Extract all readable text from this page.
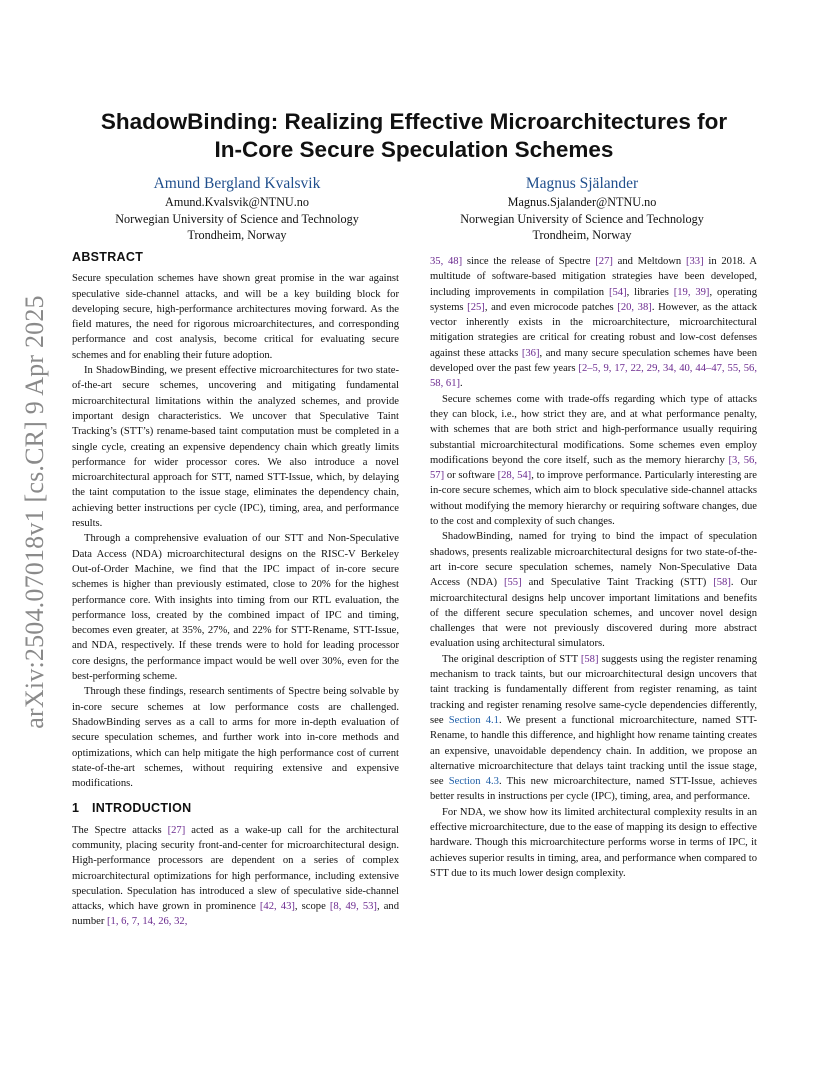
arXiv:2504.07018v1 [cs.CR] 9 Apr 2025
ShadowBinding: Realizing Effective Microarchitectures for
In-Core Secure Speculation Schemes
Amund Bergland Kvalsvik
Amund.Kvalsvik@NTNU.no
Norwegian University of Science and Technology
Trondheim, Norway
Magnus Själander
Magnus.Sjalander@NTNU.no
Norwegian University of Science and Technology
Trondheim, Norway
ABSTRACT

Secure speculation schemes have shown great promise in the war against speculative side-channel attacks, and will be a key building block for developing secure, high-performance architectures moving forward. As the field matures, the need for rigorous microarchitectures, and corresponding performance and cost analysis, become critical for evaluating secure schemes and for enabling their future adoption.

In ShadowBinding, we present effective microarchitectures for two state-of-the-art secure schemes, uncovering and mitigating fundamental microarchitectural limitations within the analyzed schemes, and provide important design characteristics. We uncover that Speculative Taint Tracking’s (STT’s) rename-based taint computation must be completed in a single cycle, creating an expensive dependency chain which greatly limits performance for wider processor cores. We also introduce a novel microarchitectural approach for STT, named STT-Issue, which, by delaying the taint computation to the issue stage, eliminates the dependency chain, achieving better instructions per cycle (IPC), timing, area, and performance results.

Through a comprehensive evaluation of our STT and Non-Speculative Data Access (NDA) microarchitectural designs on the RISC-V Berkeley Out-of-Order Machine, we find that the IPC impact of in-core secure schemes is higher than previously estimated, close to 20% for the highest performance core. With insights into timing from our RTL evaluation, the performance loss, created by the combined impact of IPC and timing, becomes even greater, at 35%, 27%, and 22% for STT-Rename, STT-Issue, and NDA, respectively. If these trends were to hold for leading processor core designs, the performance impact would be well over 30%, even for the best-performing scheme.

Through these findings, research sentiments of Spectre being solvable by in-core secure schemes at low performance costs are challenged. ShadowBinding serves as a call to arms for more in-depth evaluation of secure speculation schemes, and further work into in-core methods and optimizations, which can help mitigate the high performance cost of current state-of-the-art schemes, without requiring extensive and expensive modifications.

1 INTRODUCTION

The Spectre attacks [27] acted as a wake-up call for the architectural community, placing security front-and-center for microarchitectural design. High-performance processors are dependent on a series of complex microarchitectural optimizations for high performance, including extensive speculation. Speculation has introduced a slew of speculative side-channel attacks, which have grown in prominence [42, 43], scope [8, 49, 53], and number [1, 6, 7, 14, 26, 32,

35, 48] since the release of Spectre [27] and Meltdown [33] in 2018. A multitude of software-based mitigation strategies have been developed, including improvements in compilation [54], libraries [19, 39], operating systems [25], and even microcode patches [20, 38]. However, as the attack vector inherently exists in the microarchitecture, microarchitectural mitigation strategies are critical for creating robust and low-cost defenses against these attacks [36], and many secure speculation schemes have been developed over the past few years [2–5, 9, 17, 22, 29, 34, 40, 44–47, 55, 56, 58, 61].

Secure schemes come with trade-offs regarding which type of attacks they can block, i.e., how strict they are, and at what performance penalty, with schemes that are both strict and high-performance usually requiring substantial microarchitectural modifications. Some schemes even employ modifications beyond the core itself, such as the memory hierarchy [3, 56, 57] or software [28, 54], to improve performance. Particularly interesting are in-core secure schemes, which aim to block speculative side-channel attacks without modifying the memory hierarchy or requiring software changes, due to the cost and complexity of such changes.

ShadowBinding, named for trying to bind the impact of speculation shadows, presents realizable microarchitectural designs for two state-of-the-art in-core secure speculation schemes, namely Non-Speculative Data Access (NDA) [55] and Speculative Taint Tracking (STT) [58]. Our microarchitectural designs help uncover important limitations and benefits of the different secure speculation schemes, and uncover novel design challenges that were not previously discovered during more abstract evaluation using architectural simulators.

The original description of STT [58] suggests using the register renaming mechanism to track taints, but our microarchitectural design uncovers that taint tracking is fundamentally different from register renaming, as taint tracking and register renaming resolve same-cycle dependencies differently, see Section 4.1. We present a functional microarchitecture, named STT-Rename, to handle this difference, and highlight how rename tainting creates an expensive, unavoidable dependency chain. In addition, we propose an alternative microarchitecture that delays taint tracking until the issue stage, see Section 4.3. This new microarchitecture, named STT-Issue, achieves better results in instructions per cycle (IPC), timing, area, and performance.

For NDA, we show how its limited architectural complexity results in an effective microarchitecture, due to the ease of mapping its design to effective hardware. Though this microarchitecture performs worse in terms of IPC, it achieves superior results in timing, area, and performance when compared to STT due to its much lower design complexity.
